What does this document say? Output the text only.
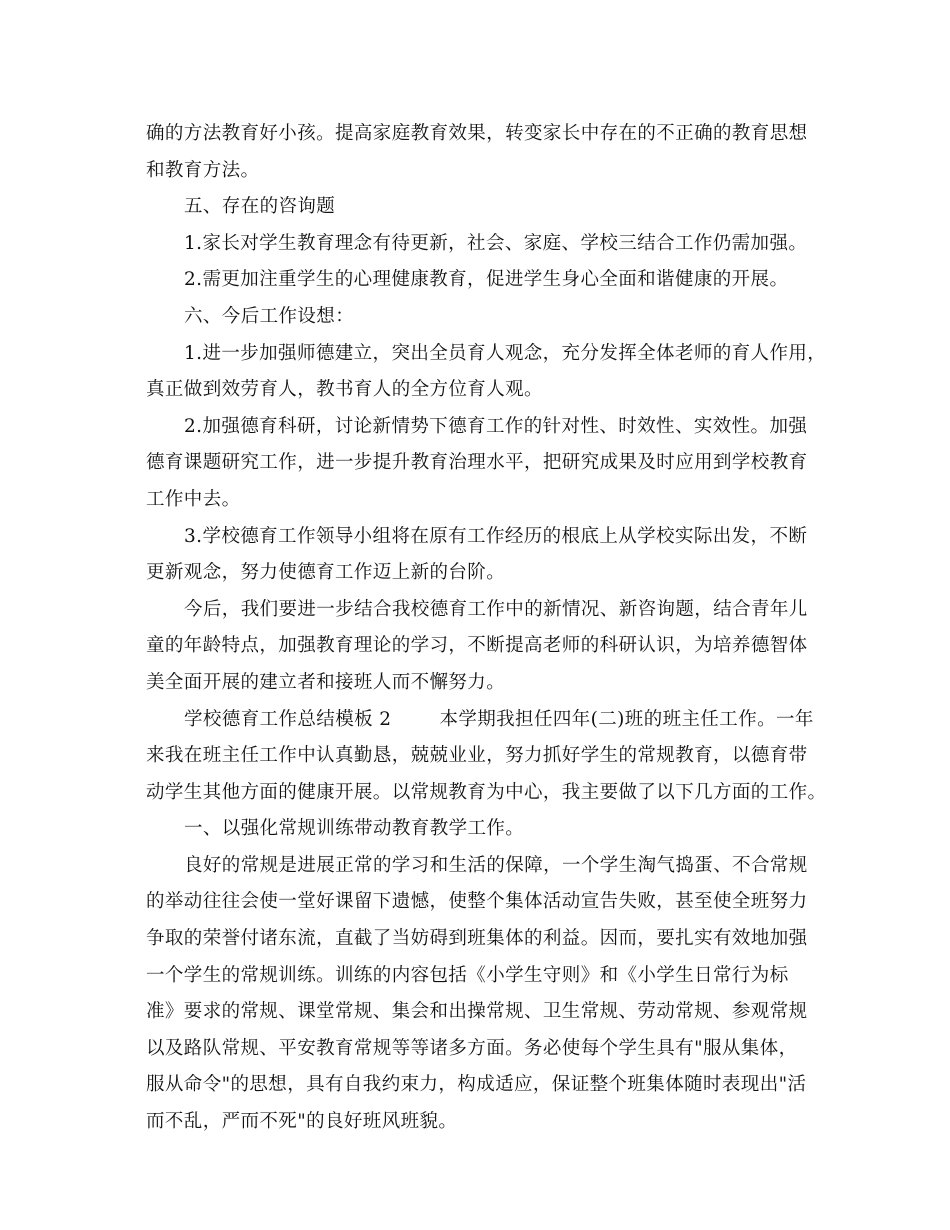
确的方法教育好小孩。提高家庭教育效果，转变家长中存在的不正确的教育思想
和教育方法。
五、存在的咨询题
1.家长对学生教育理念有待更新，社会、家庭、学校三结合工作仍需加强。
2.需更加注重学生的心理健康教育，促进学生身心全面和谐健康的开展。
六、今后工作设想：
1.进一步加强师德建立，突出全员育人观念，充分发挥全体老师的育人作用，
真正做到效劳育人，教书育人的全方位育人观。
2.加强德育科研，讨论新情势下德育工作的针对性、时效性、实效性。加强
德育课题研究工作，进一步提升教育治理水平，把研究成果及时应用到学校教育
工作中去。
3.学校德育工作领导小组将在原有工作经历的根底上从学校实际出发，不断
更新观念，努力使德育工作迈上新的台阶。
今后，我们要进一步结合我校德育工作中的新情况、新咨询题，结合青年儿
童的年龄特点，加强教育理论的学习，不断提高老师的科研认识，为培养德智体
美全面开展的建立者和接班人而不懈努力。
学校德育工作总结模板 2	本学期我担任四年(二)班的班主任工作。一年
来我在班主任工作中认真勤恳，兢兢业业，努力抓好学生的常规教育，以德育带
动学生其他方面的健康开展。以常规教育为中心，我主要做了以下几方面的工作。
一、以强化常规训练带动教育教学工作。
良好的常规是进展正常的学习和生活的保障，一个学生淘气捣蛋、不合常规
的举动往往会使一堂好课留下遗憾，使整个集体活动宣告失败，甚至使全班努力
争取的荣誉付诸东流，直截了当妨碍到班集体的利益。因而，要扎实有效地加强
一个学生的常规训练。训练的内容包括《小学生守则》和《小学生日常行为标
准》要求的常规、课堂常规、集会和出操常规、卫生常规、劳动常规、参观常规
以及路队常规、平安教育常规等等诸多方面。务必使每个学生具有"服从集体，
服从命令"的思想，具有自我约束力，构成适应，保证整个班集体随时表现出"活
而不乱，严而不死"的良好班风班貌。
